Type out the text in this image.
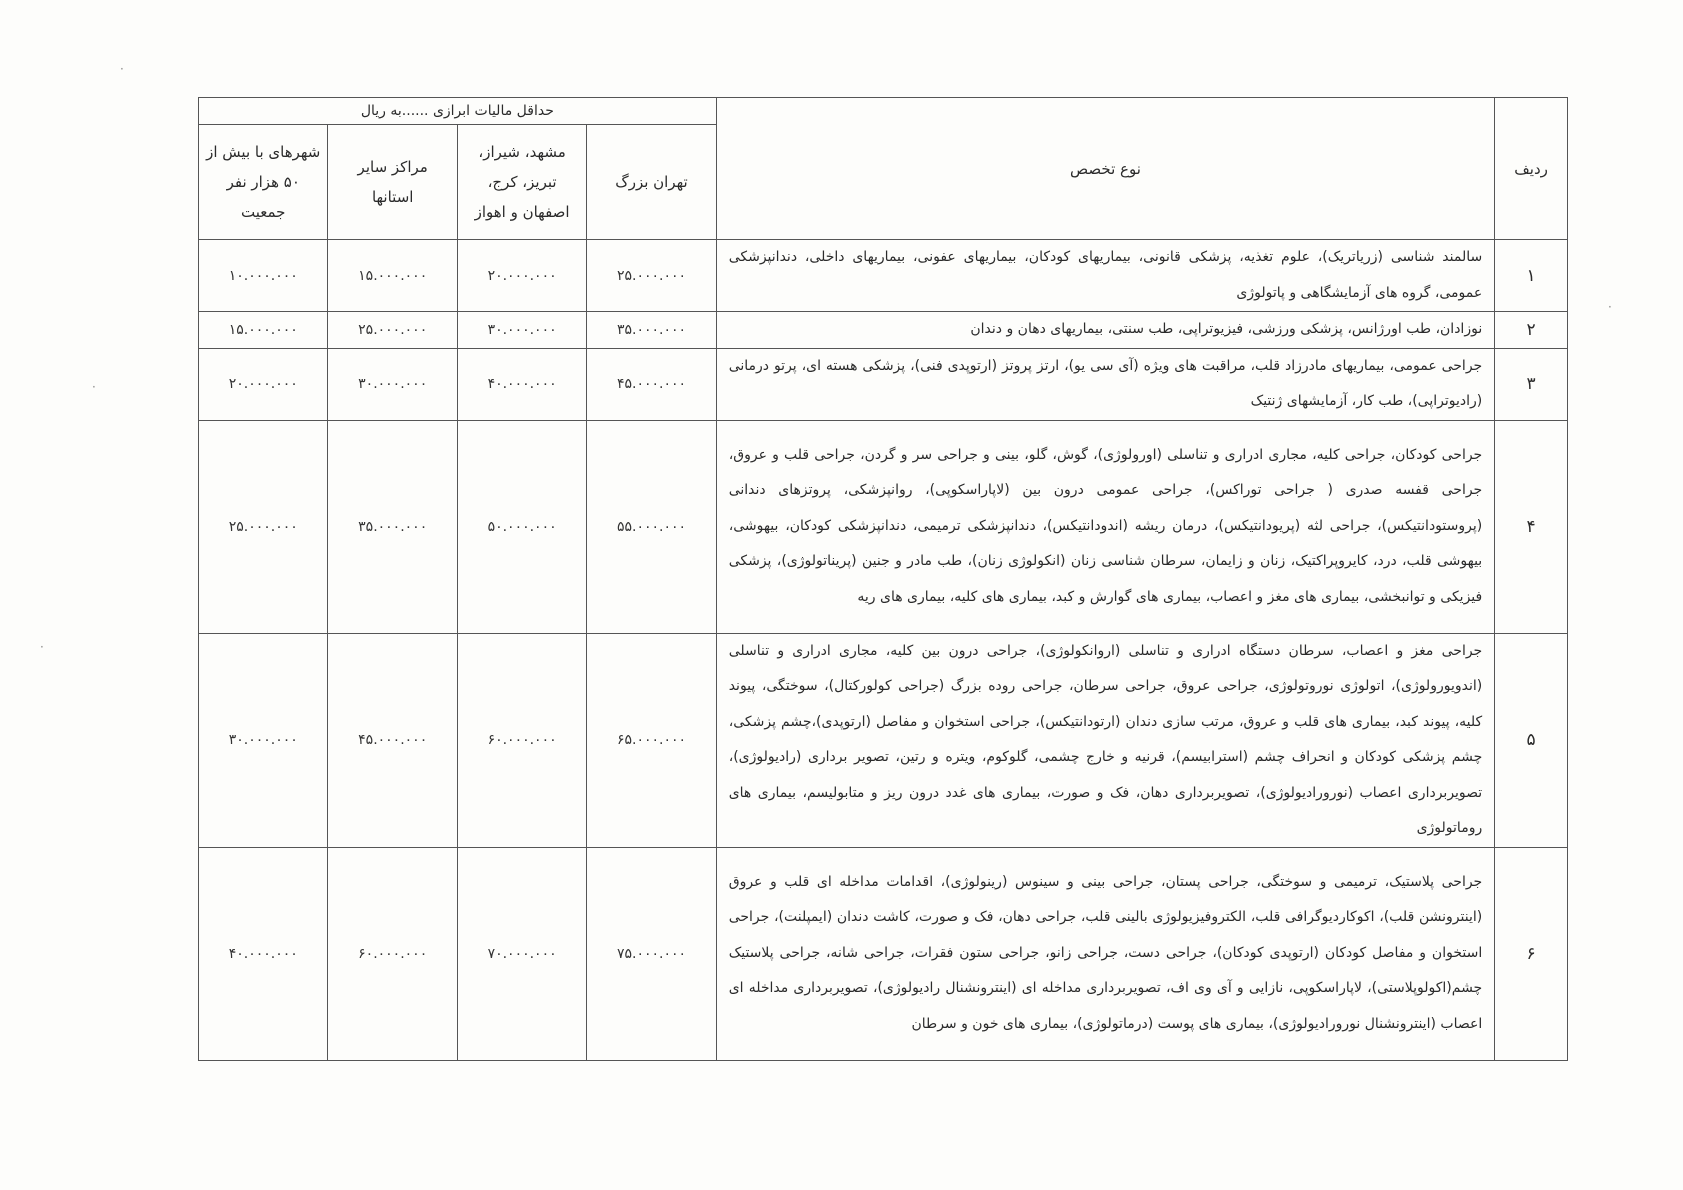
ردیف	نوع تخصص	حداقل مالیات ابرازی ......به ریال			
		تهران بزرگ	مشهد، شیراز، تبریز، کرج، اصفهان و اهواز	مراکز سایر استانها	شهرهای با بیش از ۵۰ هزار نفر جمعیت
۱	سالمند شناسی (زریاتریک)، علوم تغذیه، پزشکی قانونی، بیماریهای کودکان، بیماریهای عفونی، بیماریهای داخلی، دندانپزشکی عمومی، گروه های آزمایشگاهی و پاتولوژی	۲۵.۰۰۰.۰۰۰	۲۰.۰۰۰.۰۰۰	۱۵.۰۰۰.۰۰۰	۱۰.۰۰۰.۰۰۰
۲	نوزادان، طب اورژانس، پزشکی ورزشی، فیزیوتراپی، طب سنتی، بیماریهای دهان و دندان	۳۵.۰۰۰.۰۰۰	۳۰.۰۰۰.۰۰۰	۲۵.۰۰۰.۰۰۰	۱۵.۰۰۰.۰۰۰
۳	جراحی عمومی، بیماریهای مادرزاد قلب، مراقبت های ویژه (آی سی یو)، ارتز پروتز (ارتوپدی فنی)، پزشکی هسته ای، پرتو درمانی (رادیوتراپی)، طب کار، آزمایشهای ژنتیک	۴۵.۰۰۰.۰۰۰	۴۰.۰۰۰.۰۰۰	۳۰.۰۰۰.۰۰۰	۲۰.۰۰۰.۰۰۰
۴	جراحی کودکان، جراحی کلیه، مجاری ادراری و تناسلی (اورولوژی)، گوش، گلو، بینی و جراحی سر و گردن، جراحی قلب و عروق، جراحی قفسه صدری ( جراحی توراکس)، جراحی عمومی درون بین (لاپاراسکوپی)، روانپزشکی، پروتزهای دندانی (پروستودانتیکس)، جراحی لثه (پریودانتیکس)، درمان ریشه (اندودانتیکس)، دندانپزشکی ترمیمی، دندانپزشکی کودکان، بیهوشی، بیهوشی قلب، درد، کایروپراکتیک، زنان و زایمان، سرطان شناسی زنان (انکولوژی زنان)، طب مادر و جنین (پریناتولوژی)، پزشکی فیزیکی و توانبخشی، بیماری های مغز و اعصاب، بیماری های گوارش و کبد، بیماری های کلیه، بیماری های ریه	۵۵.۰۰۰.۰۰۰	۵۰.۰۰۰.۰۰۰	۳۵.۰۰۰.۰۰۰	۲۵.۰۰۰.۰۰۰
۵	جراحی مغز و اعصاب، سرطان دستگاه ادراری و تناسلی (اروانکولوژی)، جراحی درون بین کلیه، مجاری ادراری و تناسلی (اندویورولوژی)، اتولوژی نوروتولوژی، جراحی عروق، جراحی سرطان، جراحی روده بزرگ (جراحی کولورکتال)، سوختگی، پیوند کلیه، پیوند کبد، بیماری های قلب و عروق، مرتب سازی دندان (ارتودانتیکس)، جراحی استخوان و مفاصل (ارتوپدی)،چشم پزشکی، چشم پزشکی کودکان و انحراف چشم (استرابیسم)، قرنیه و خارج چشمی، گلوکوم، ویتره و رتین، تصویر برداری (رادیولوژی)، تصویربرداری اعصاب (نورورادیولوژی)، تصویربرداری دهان، فک و صورت، بیماری های غدد درون ریز و متابولیسم، بیماری های روماتولوژی	۶۵.۰۰۰.۰۰۰	۶۰.۰۰۰.۰۰۰	۴۵.۰۰۰.۰۰۰	۳۰.۰۰۰.۰۰۰
۶	جراحی پلاستیک، ترمیمی و سوختگی، جراحی پستان، جراحی بینی و سینوس (رینولوژی)، اقدامات مداخله ای قلب و عروق (اینترونشن قلب)، اکوکاردیوگرافی قلب، الکتروفیزیولوژی بالینی قلب، جراحی دهان، فک و صورت، کاشت دندان (ایمپلنت)، جراحی استخوان و مفاصل کودکان (ارتوپدی کودکان)، جراحی دست، جراحی زانو، جراحی ستون فقرات، جراحی شانه، جراحی پلاستیک چشم(اکولوپلاستی)، لاپاراسکوپی، نازایی و آی وی اف، تصویربرداری مداخله ای (اینترونشنال رادیولوژی)، تصویربرداری مداخله ای اعصاب (اینترونشنال نورورادیولوژی)، بیماری های پوست (درماتولوژی)، بیماری های خون و سرطان	۷۵.۰۰۰.۰۰۰	۷۰.۰۰۰.۰۰۰	۶۰.۰۰۰.۰۰۰	۴۰.۰۰۰.۰۰۰
·
·
·
·
